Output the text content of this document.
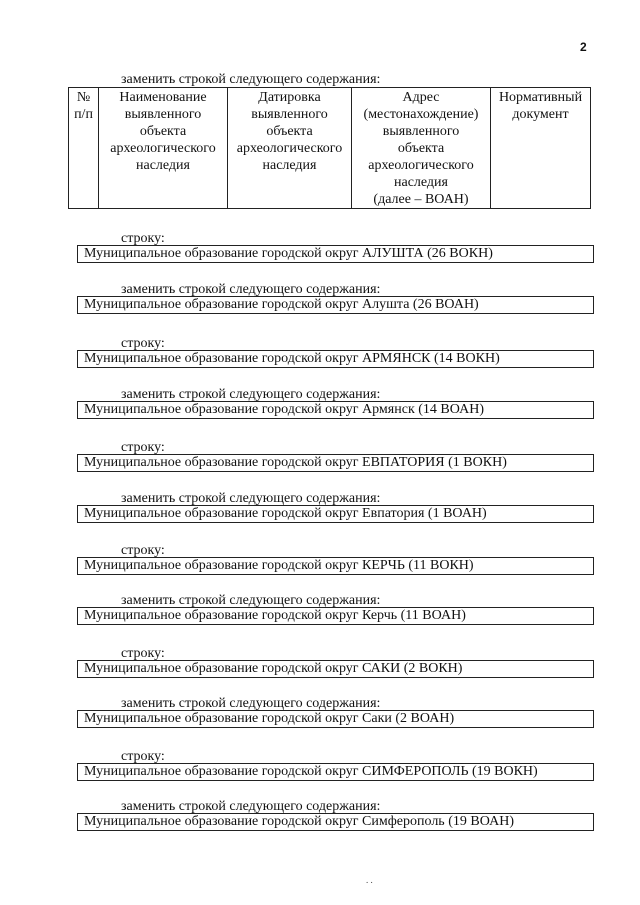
2
заменить строкой следующего содержания:
№
п/п	Наименование
выявленного
объекта
археологического
наследия	Датировка
выявленного
объекта
археологического
наследия	Адрес
(местонахождение)
выявленного
объекта
археологического
наследия
(далее – ВОАН)	Нормативный
документ
строку:
Муниципальное образование городской округ АЛУШТА (26 ВОКН)
заменить строкой следующего содержания:
Муниципальное образование городской округ Алушта (26 ВОАН)
строку:
Муниципальное образование городской округ АРМЯНСК (14 ВОКН)
заменить строкой следующего содержания:
Муниципальное образование городской округ Армянск (14 ВОАН)
строку:
Муниципальное образование городской округ ЕВПАТОРИЯ (1 ВОКН)
заменить строкой следующего содержания:
Муниципальное образование городской округ Евпатория (1 ВОАН)
строку:
Муниципальное образование городской округ КЕРЧЬ (11 ВОКН)
заменить строкой следующего содержания:
Муниципальное образование городской округ Керчь (11 ВОАН)
строку:
Муниципальное образование городской округ САКИ (2 ВОКН)
заменить строкой следующего содержания:
Муниципальное образование городской округ Саки (2 ВОАН)
строку:
Муниципальное образование городской округ СИМФЕРОПОЛЬ (19 ВОКН)
заменить строкой следующего содержания:
Муниципальное образование городской округ Симферополь (19 ВОАН)
. .
